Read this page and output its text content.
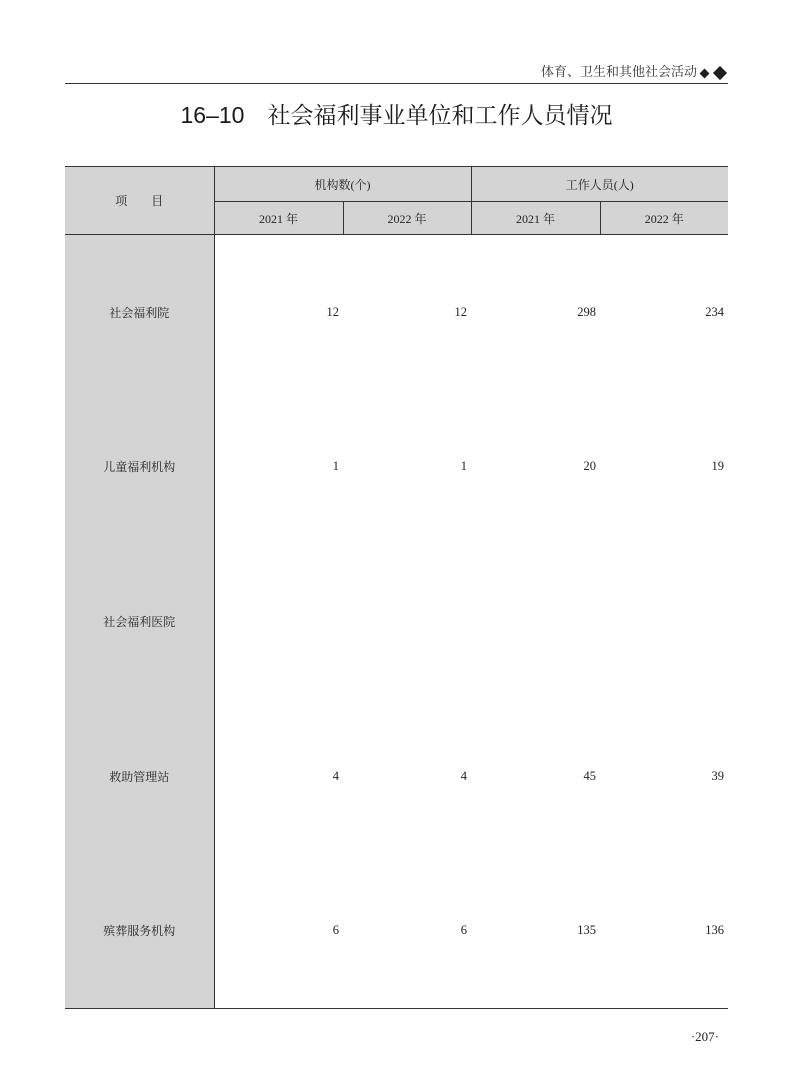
体育、卫生和其他社会活动
16–10 社会福利事业单位和工作人员情况
项　　目	机构数(个)		工作人员(人)	
	2021 年	2022 年	2021 年	2022 年
社会福利院	12	12	298	234
儿童福利机构	1	1	20	19
社会福利医院				
救助管理站	4	4	45	39
殡葬服务机构	6	6	135	136
·207·
